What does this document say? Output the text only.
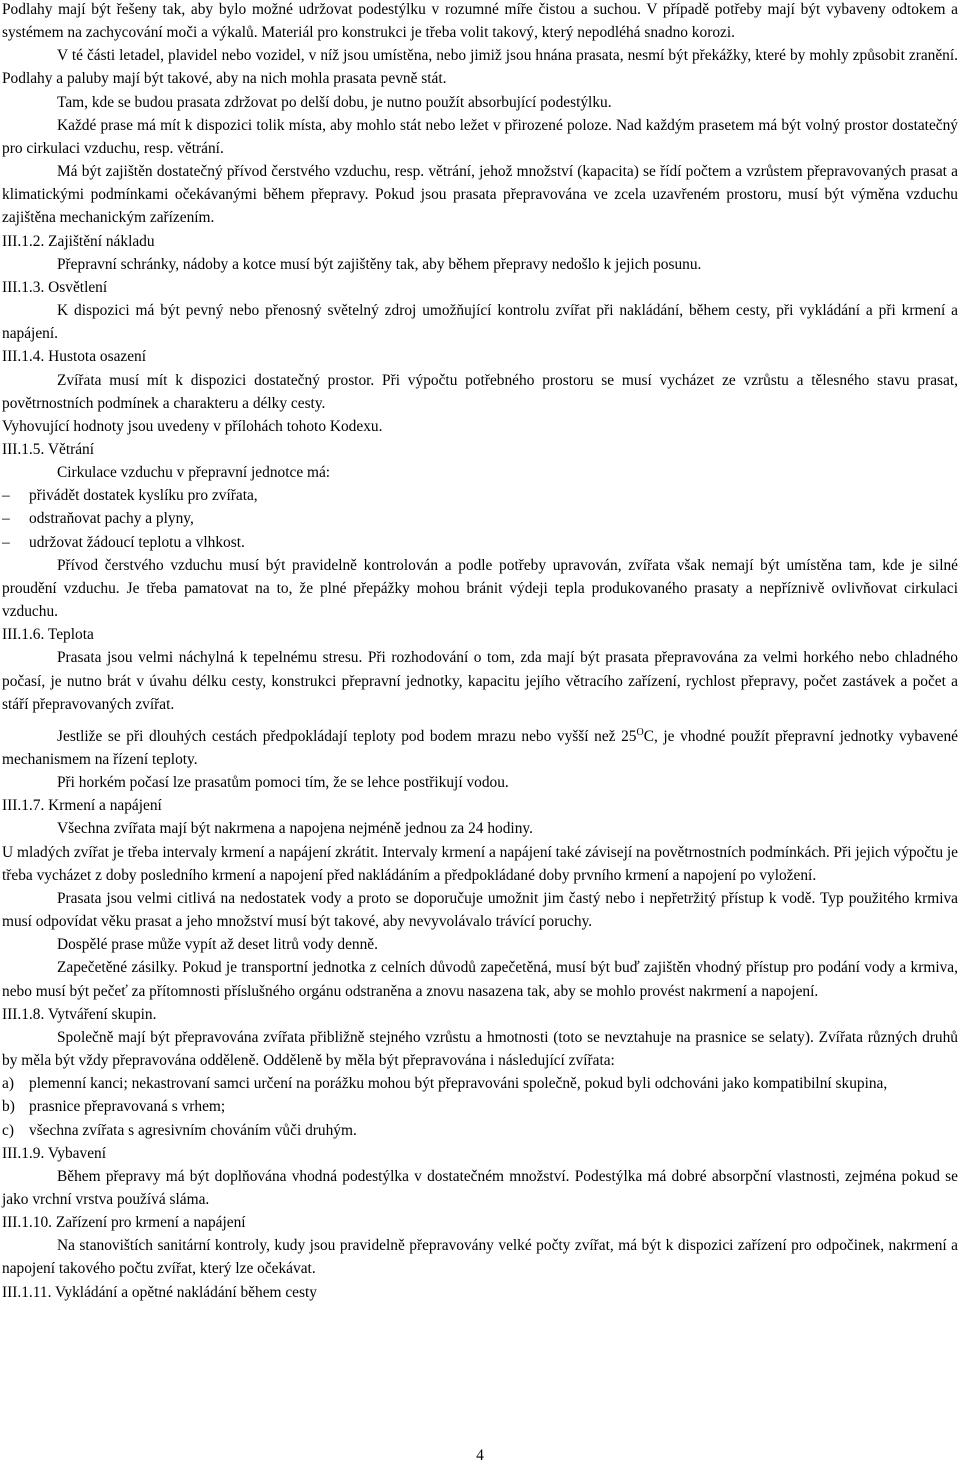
Podlahy mají být řešeny tak, aby bylo možné udržovat podestýlku v rozumné míře čistou a suchou. V případě potřeby mají být vybaveny odtokem a systémem na zachycování moči a výkalů. Materiál pro konstrukci je třeba volit takový, který nepodléhá snadno korozi.

V té části letadel, plavidel nebo vozidel, v níž jsou umístěna, nebo jimiž jsou hnána prasata, nesmí být překážky, které by mohly způsobit zranění. Podlahy a paluby mají být takové, aby na nich mohla prasata pevně stát.

Tam, kde se budou prasata zdržovat po delší dobu, je nutno použít absorbující podestýlku.

Každé prase má mít k dispozici tolik místa, aby mohlo stát nebo ležet v přirozené poloze. Nad každým prasetem má být volný prostor dostatečný pro cirkulaci vzduchu, resp. větrání.

Má být zajištěn dostatečný přívod čerstvého vzduchu, resp. větrání, jehož množství (kapacita) se řídí počtem a vzrůstem přepravovaných prasat a klimatickými podmínkami očekávanými během přepravy. Pokud jsou prasata přepravována ve zcela uzavřeném prostoru, musí být výměna vzduchu zajištěna mechanickým zařízením.

III.1.2. Zajištění nákladu

Přepravní schránky, nádoby a kotce musí být zajištěny tak, aby během přepravy nedošlo k jejich posunu.

III.1.3. Osvětlení

K dispozici má být pevný nebo přenosný světelný zdroj umožňující kontrolu zvířat při nakládání, během cesty, při vykládání a při krmení a napájení.

III.1.4. Hustota osazení

Zvířata musí mít k dispozici dostatečný prostor. Při výpočtu potřebného prostoru se musí vycházet ze vzrůstu a tělesného stavu prasat, povětrnostních podmínek a charakteru a délky cesty.

Vyhovující hodnoty jsou uvedeny v přílohách tohoto Kodexu.

III.1.5. Větrání

Cirkulace vzduchu v přepravní jednotce má:

–	přivádět dostatek kyslíku pro zvířata,
–	odstraňovat pachy a plyny,
–	udržovat žádoucí teplotu a vlhkost.

Přívod čerstvého vzduchu musí být pravidelně kontrolován a podle potřeby upravován, zvířata však nemají být umístěna tam, kde je silné proudění vzduchu. Je třeba pamatovat na to, že plné přepážky mohou bránit výdeji tepla produkovaného prasaty a nepříznivě ovlivňovat cirkulaci vzduchu.

III.1.6. Teplota

Prasata jsou velmi náchylná k tepelnému stresu. Při rozhodování o tom, zda mají být prasata přepravována za velmi horkého nebo chladného počasí, je nutno brát v úvahu délku cesty, konstrukci přepravní jednotky, kapacitu jejího větracího zařízení, rychlost přepravy, počet zastávek a počet a stáří přepravovaných zvířat.

Jestliže se při dlouhých cestách předpokládají teploty pod bodem mrazu nebo vyšší než $25^OC$, je vhodné použít přepravní jednotky vybavené mechanismem na řízení teploty.

Při horkém počasí lze prasatům pomoci tím, že se lehce postřikují vodou.

III.1.7. Krmení a napájení

Všechna zvířata mají být nakrmena a napojena nejméně jednou za 24 hodiny.

U mladých zvířat je třeba intervaly krmení a napájení zkrátit. Intervaly krmení a napájení také závisejí na povětrnostních podmínkách. Při jejich výpočtu je třeba vycházet z doby posledního krmení a napojení před nakládáním a předpokládané doby prvního krmení a napojení po vyložení.

Prasata jsou velmi citlivá na nedostatek vody a proto se doporučuje umožnit jim častý nebo i nepřetržitý přístup k vodě. Typ použitého krmiva musí odpovídat věku prasat a jeho množství musí být takové, aby nevyvolávalo trávící poruchy.

Dospělé prase může vypít až deset litrů vody denně.

Zapečetěné zásilky. Pokud je transportní jednotka z celních důvodů zapečetěná, musí být buď zajištěn vhodný přístup pro podání vody a krmiva, nebo musí být pečeť za přítomnosti příslušného orgánu odstraněna a znovu nasazena tak, aby se mohlo provést nakrmení a napojení.

III.1.8. Vytváření skupin.

Společně mají být přepravována zvířata přibližně stejného vzrůstu a hmotnosti (toto se nevztahuje na prasnice se selaty). Zvířata různých druhů by měla být vždy přepravována odděleně. Odděleně by měla být přepravována i následující zvířata:

a) plemenní kanci; nekastrovaní samci určení na porážku mohou být přepravováni společně, pokud byli odchováni jako kompatibilní skupina,
b) prasnice přepravovaná s vrhem;
c) všechna zvířata s agresivním chováním vůči druhým.

III.1.9. Vybavení

Během přepravy má být doplňována vhodná podestýlka v dostatečném množství. Podestýlka má dobré absorpční vlastnosti, zejména pokud se jako vrchní vrstva používá sláma.

III.1.10. Zařízení pro krmení a napájení

Na stanovištích sanitární kontroly, kudy jsou pravidelně přepravovány velké počty zvířat, má být k dispozici zařízení pro odpočinek, nakrmení a napojení takového počtu zvířat, který lze očekávat.

III.1.11. Vykládání a opětné nakládání během cesty

4
